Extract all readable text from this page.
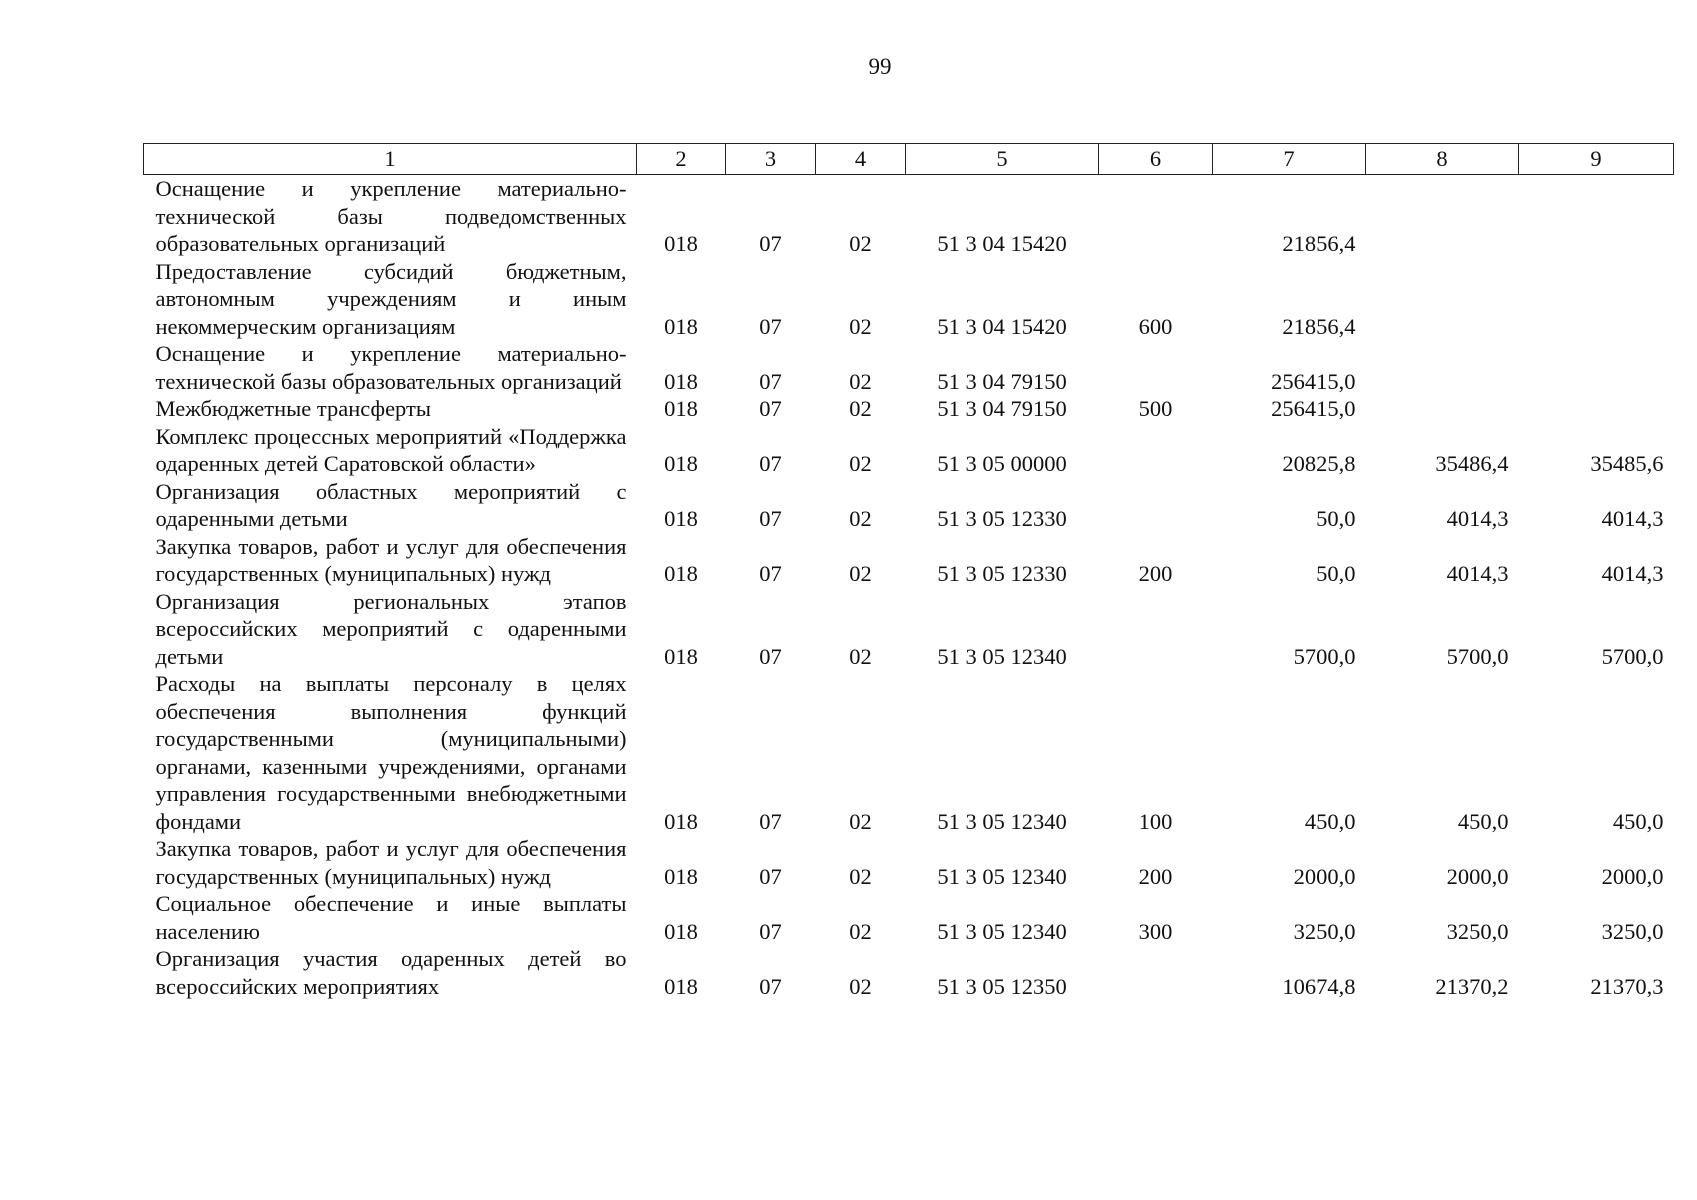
99
1	2	3	4	5	6	7	8	9
Оснащение и укрепление материально-технической базы подведомственных образовательных организаций	018	07	02	51 3 04 15420		21856,4		
Предоставление субсидий бюджетным, автономным учреждениям и иным некоммерческим организациям	018	07	02	51 3 04 15420	600	21856,4		
Оснащение и укрепление материально-технической базы образовательных организаций	018	07	02	51 3 04 79150		256415,0		
Межбюджетные трансферты	018	07	02	51 3 04 79150	500	256415,0		
Комплекс процессных мероприятий «Поддержка одаренных детей Саратовской области»	018	07	02	51 3 05 00000		20825,8	35486,4	35485,6
Организация областных мероприятий с одаренными детьми	018	07	02	51 3 05 12330		50,0	4014,3	4014,3
Закупка товаров, работ и услуг для обеспечения государственных (муниципальных) нужд	018	07	02	51 3 05 12330	200	50,0	4014,3	4014,3
Организация региональных этапов всероссийских мероприятий с одаренными детьми	018	07	02	51 3 05 12340		5700,0	5700,0	5700,0
Расходы на выплаты персоналу в целях обеспечения выполнения функций государственными (муниципальными) органами, казенными учреждениями, органами управления государственными внебюджетными фондами	018	07	02	51 3 05 12340	100	450,0	450,0	450,0
Закупка товаров, работ и услуг для обеспечения государственных (муниципальных) нужд	018	07	02	51 3 05 12340	200	2000,0	2000,0	2000,0
Социальное обеспечение и иные выплаты населению	018	07	02	51 3 05 12340	300	3250,0	3250,0	3250,0
Организация участия одаренных детей во всероссийских мероприятиях	018	07	02	51 3 05 12350		10674,8	21370,2	21370,3
